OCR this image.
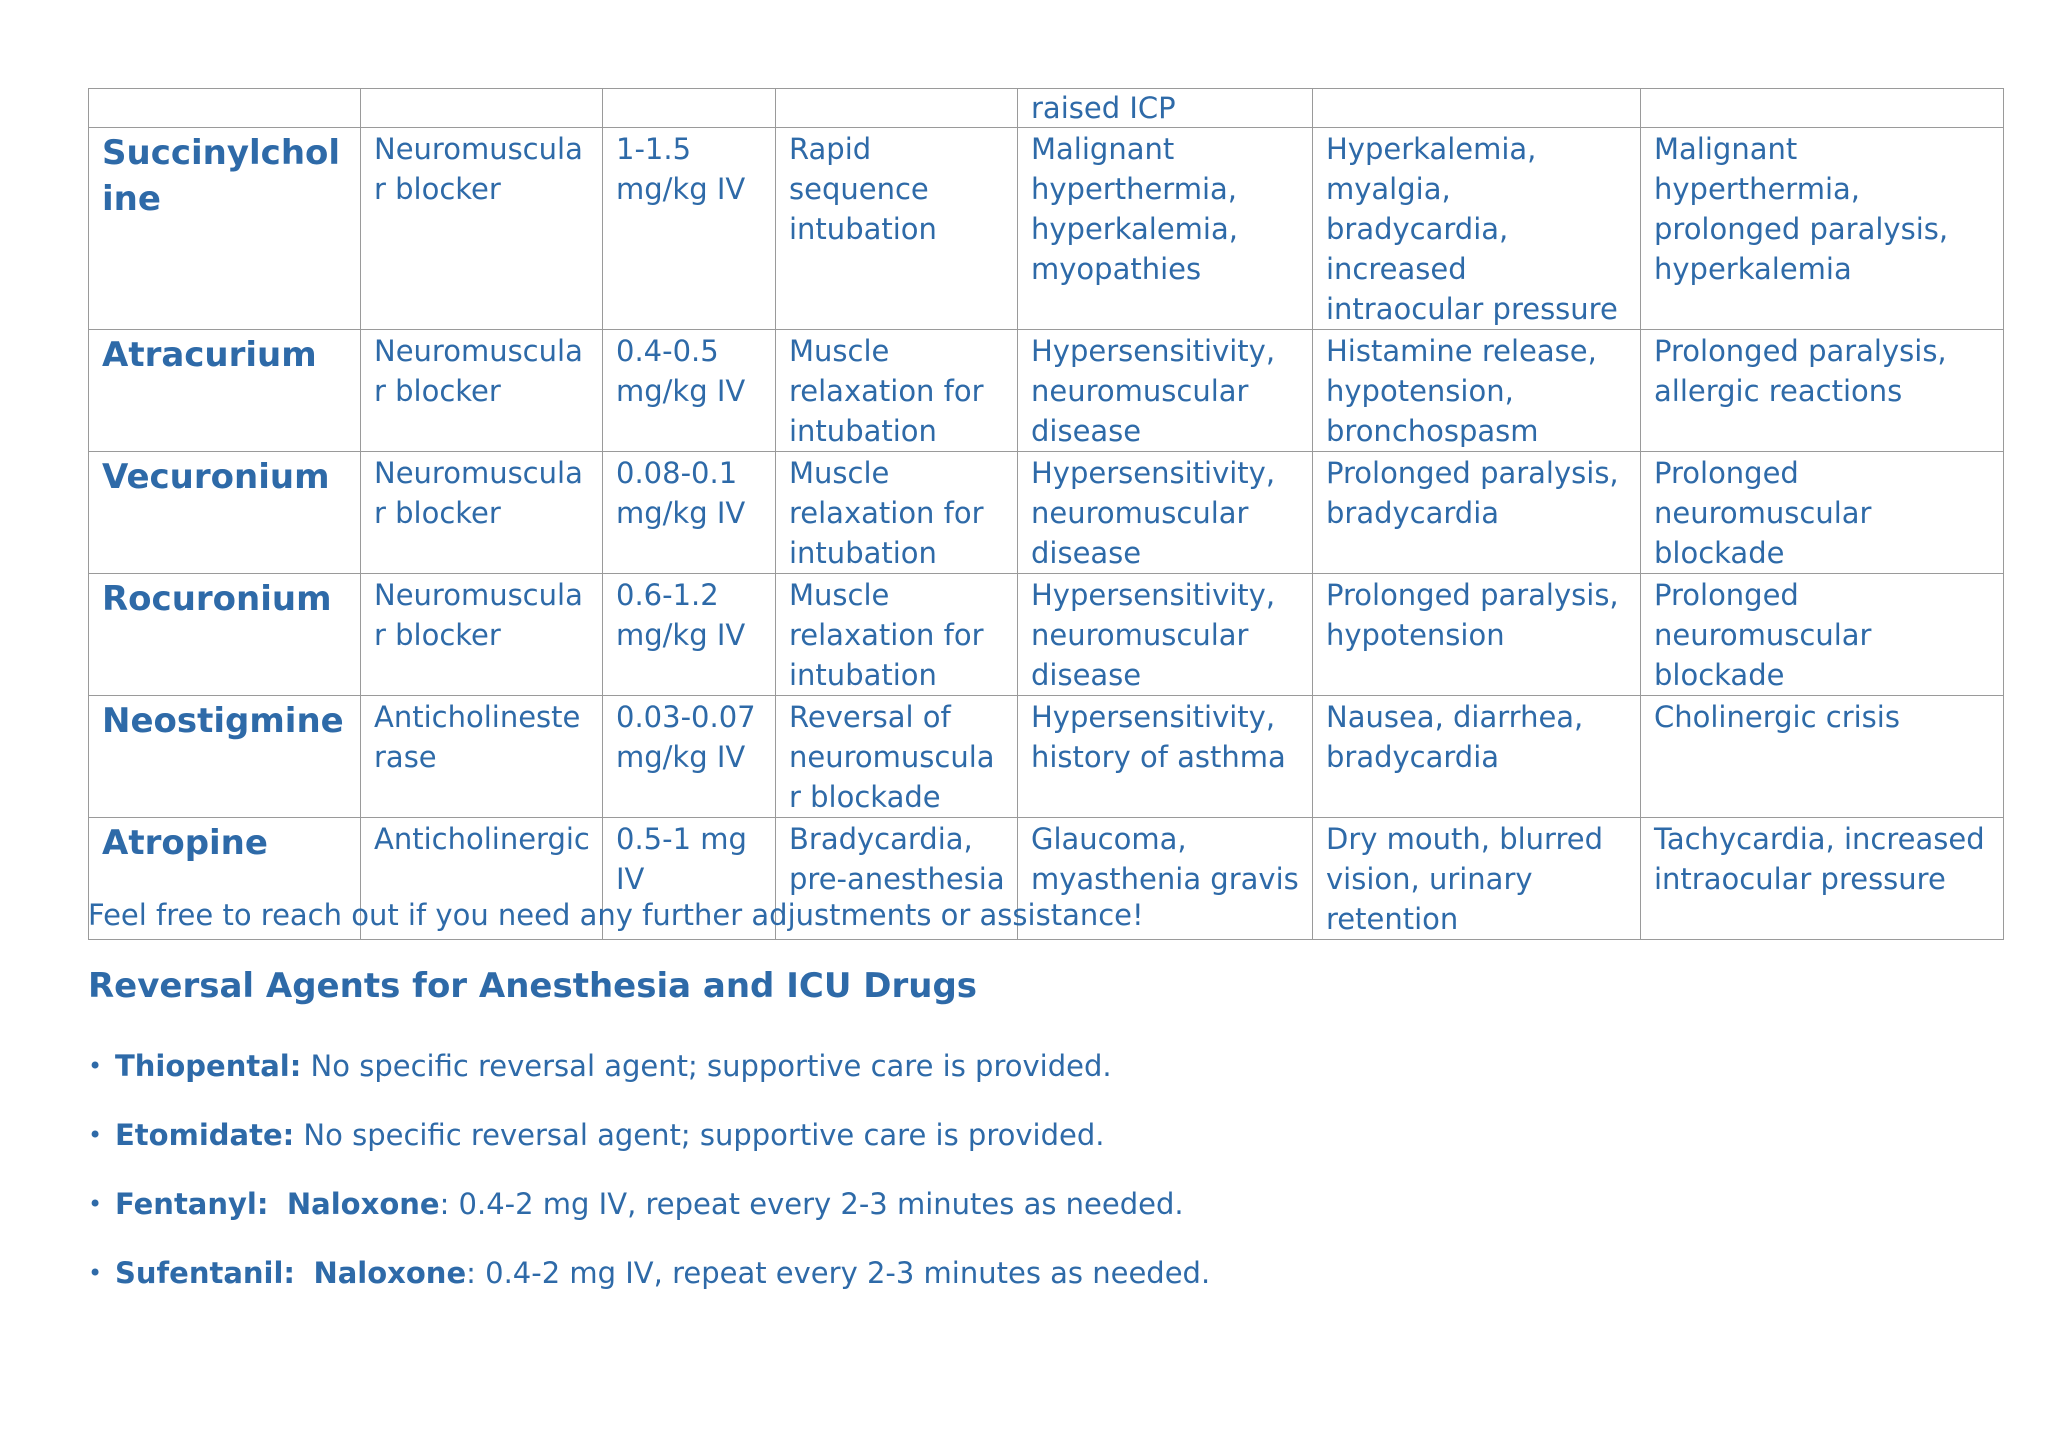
				raised ICP		
Succinylcholine	Neuromuscular blocker	1-1.5 mg/kg IV	Rapid sequence intubation	Malignant hyperthermia, hyperkalemia, myopathies	Hyperkalemia, myalgia, bradycardia, increased intraocular pressure	Malignant hyperthermia, prolonged paralysis, hyperkalemia
Atracurium	Neuromuscular blocker	0.4-0.5 mg/kg IV	Muscle relaxation for intubation	Hypersensitivity, neuromuscular disease	Histamine release, hypotension, bronchospasm	Prolonged paralysis, allergic reactions
Vecuronium	Neuromuscular blocker	0.08-0.1 mg/kg IV	Muscle relaxation for intubation	Hypersensitivity, neuromuscular disease	Prolonged paralysis, bradycardia	Prolonged neuromuscular blockade
Rocuronium	Neuromuscular blocker	0.6-1.2 mg/kg IV	Muscle relaxation for intubation	Hypersensitivity, neuromuscular disease	Prolonged paralysis, hypotension	Prolonged neuromuscular blockade
Neostigmine	Anticholinesterase	0.03-0.07 mg/kg IV	Reversal of neuromuscular blockade	Hypersensitivity, history of asthma	Nausea, diarrhea, bradycardia	Cholinergic crisis
Atropine	Anticholinergic	0.5-1 mg IV	Bradycardia, pre-anesthesia	Glaucoma, myasthenia gravis	Dry mouth, blurred vision, urinary retention	Tachycardia, increased intraocular pressure
Feel free to reach out if you need any further adjustments or assistance!
Reversal Agents for Anesthesia and ICU Drugs
• Thiopental: No specific reversal agent; supportive care is provided.
• Etomidate: No specific reversal agent; supportive care is provided.
• Fentanyl: Naloxone: 0.4-2 mg IV, repeat every 2-3 minutes as needed.
• Sufentanil: Naloxone: 0.4-2 mg IV, repeat every 2-3 minutes as needed.
